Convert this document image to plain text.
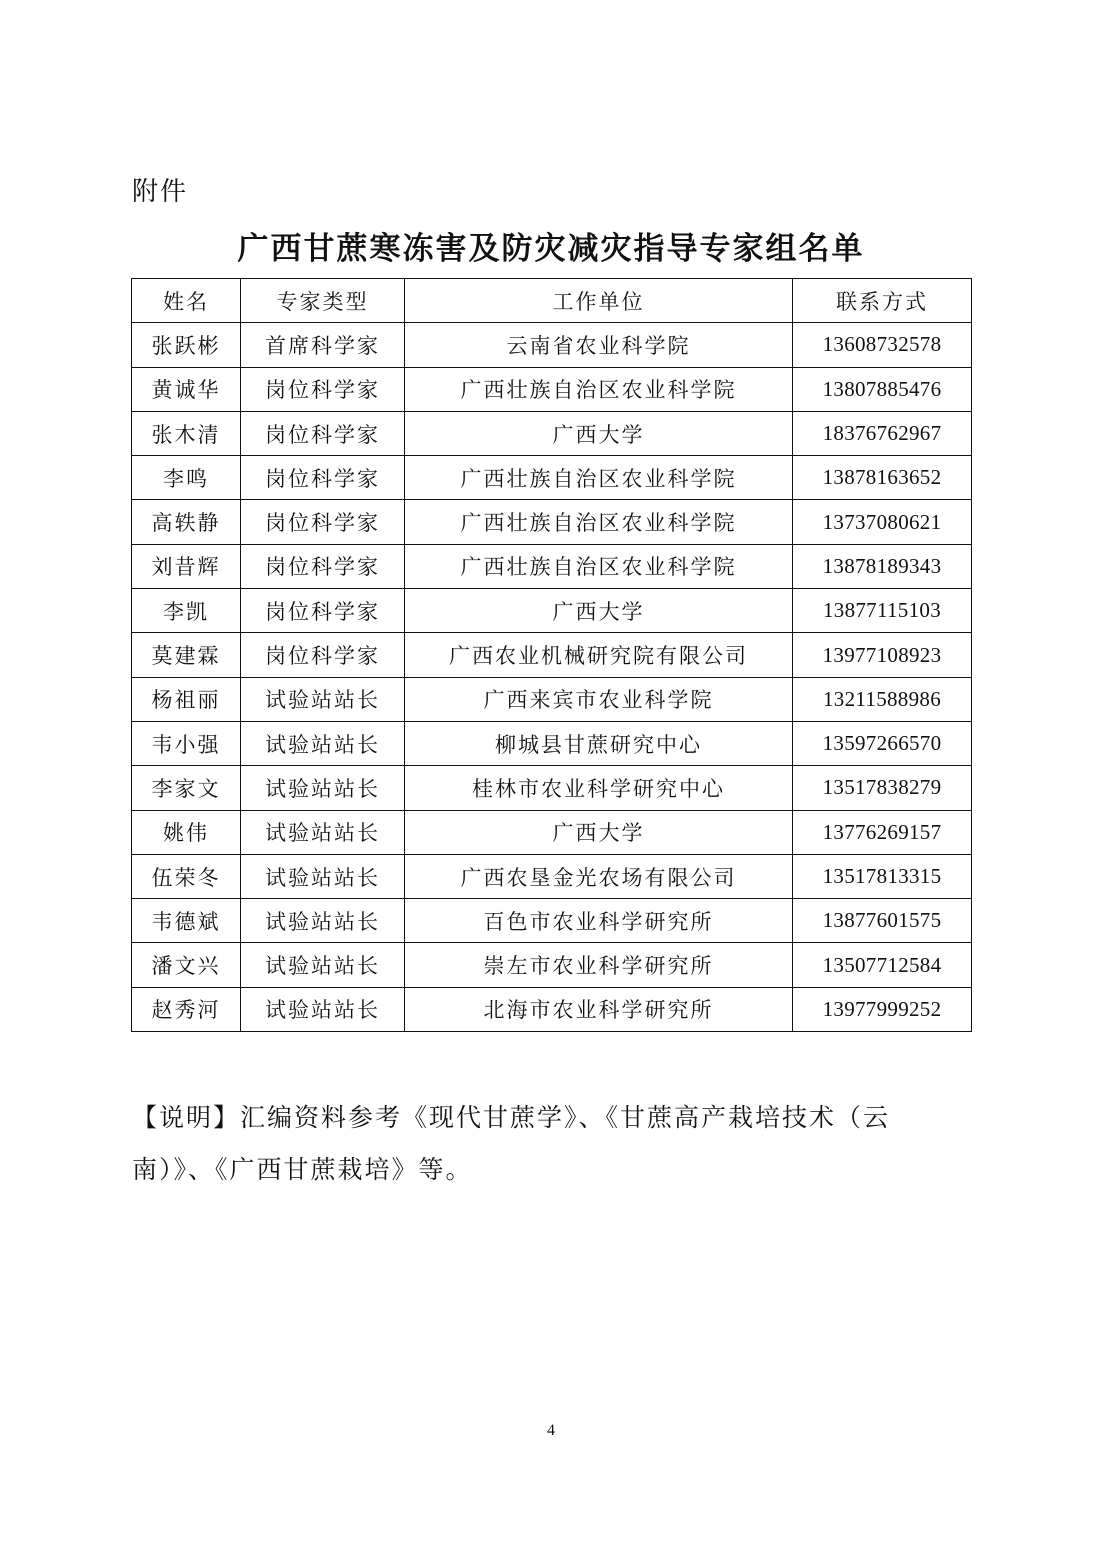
附件
广西甘蔗寒冻害及防灾减灾指导专家组名单
姓名	专家类型	工作单位	联系方式
张跃彬	首席科学家	云南省农业科学院	13608732578
黄诚华	岗位科学家	广西壮族自治区农业科学院	13807885476
张木清	岗位科学家	广西大学	18376762967
李鸣	岗位科学家	广西壮族自治区农业科学院	13878163652
高轶静	岗位科学家	广西壮族自治区农业科学院	13737080621
刘昔辉	岗位科学家	广西壮族自治区农业科学院	13878189343
李凯	岗位科学家	广西大学	13877115103
莫建霖	岗位科学家	广西农业机械研究院有限公司	13977108923
杨祖丽	试验站站长	广西来宾市农业科学院	13211588986
韦小强	试验站站长	柳城县甘蔗研究中心	13597266570
李家文	试验站站长	桂林市农业科学研究中心	13517838279
姚伟	试验站站长	广西大学	13776269157
伍荣冬	试验站站长	广西农垦金光农场有限公司	13517813315
韦德斌	试验站站长	百色市农业科学研究所	13877601575
潘文兴	试验站站长	崇左市农业科学研究所	13507712584
赵秀河	试验站站长	北海市农业科学研究所	13977999252

【说明】汇编资料参考《现代甘蔗学》、《甘蔗高产栽培技术（云

南）》、《广西甘蔗栽培》等。

4
